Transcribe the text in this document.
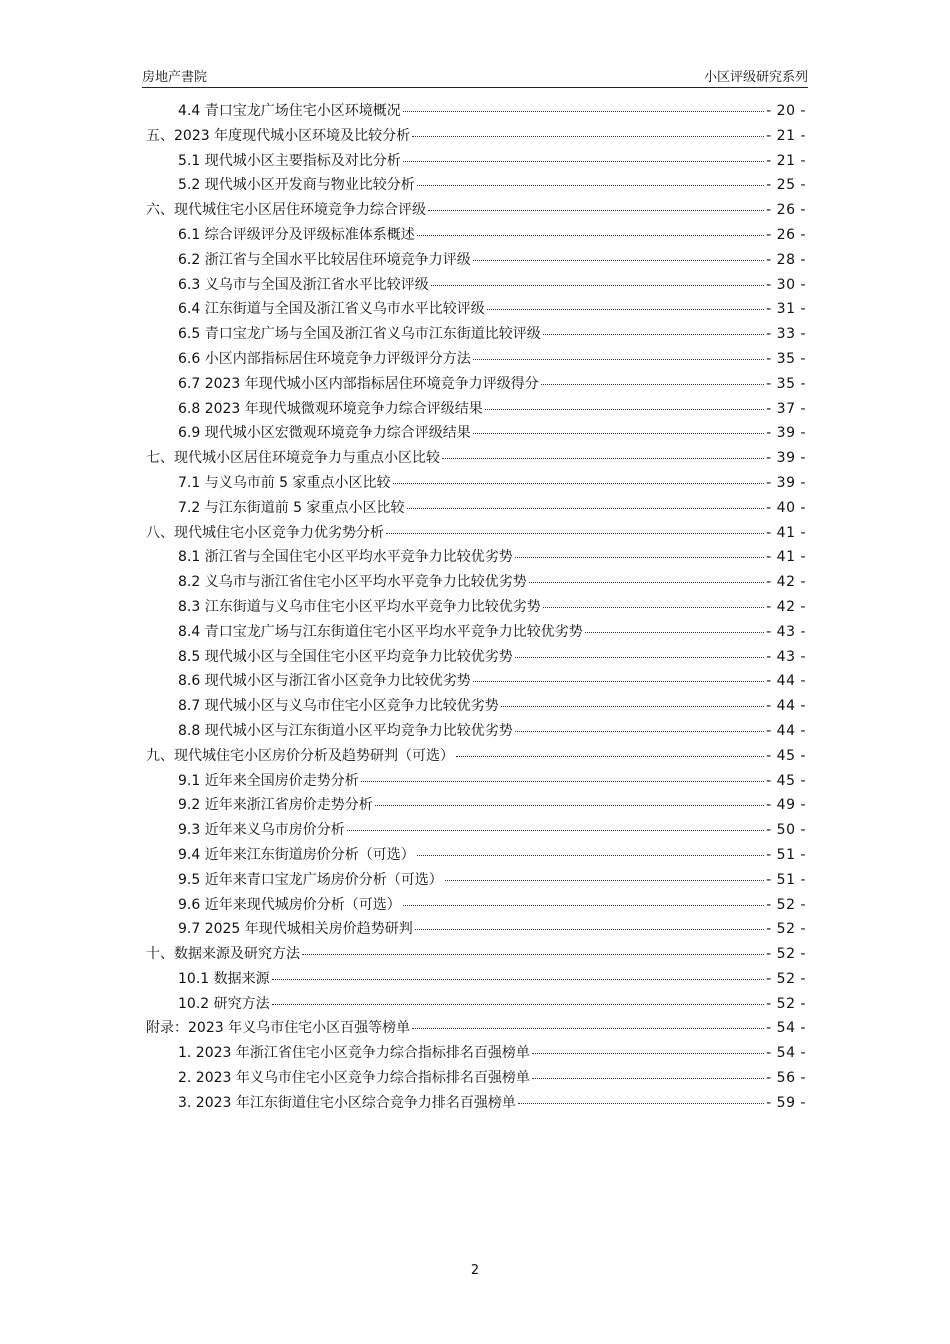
房地产書院	小区评级研究系列
4.4 青口宝龙广场住宅小区环境概况	- 20 -
五、2023 年度现代城小区环境及比较分析	- 21 -
5.1 现代城小区主要指标及对比分析	- 21 -
5.2 现代城小区开发商与物业比较分析	- 25 -
六、现代城住宅小区居住环境竞争力综合评级	- 26 -
6.1 综合评级评分及评级标准体系概述	- 26 -
6.2 浙江省与全国水平比较居住环境竞争力评级	- 28 -
6.3 义乌市与全国及浙江省水平比较评级	- 30 -
6.4 江东街道与全国及浙江省义乌市水平比较评级	- 31 -
6.5 青口宝龙广场与全国及浙江省义乌市江东街道比较评级	- 33 -
6.6 小区内部指标居住环境竞争力评级评分方法	- 35 -
6.7 2023 年现代城小区内部指标居住环境竞争力评级得分	- 35 -
6.8 2023 年现代城微观环境竞争力综合评级结果	- 37 -
6.9 现代城小区宏微观环境竞争力综合评级结果	- 39 -
七、现代城小区居住环境竞争力与重点小区比较	- 39 -
7.1 与义乌市前 5 家重点小区比较	- 39 -
7.2 与江东街道前 5 家重点小区比较	- 40 -
八、现代城住宅小区竞争力优劣势分析	- 41 -
8.1 浙江省与全国住宅小区平均水平竞争力比较优劣势	- 41 -
8.2 义乌市与浙江省住宅小区平均水平竞争力比较优劣势	- 42 -
8.3 江东街道与义乌市住宅小区平均水平竞争力比较优劣势	- 42 -
8.4 青口宝龙广场与江东街道住宅小区平均水平竞争力比较优劣势	- 43 -
8.5 现代城小区与全国住宅小区平均竞争力比较优劣势	- 43 -
8.6 现代城小区与浙江省小区竞争力比较优劣势	- 44 -
8.7 现代城小区与义乌市住宅小区竞争力比较优劣势	- 44 -
8.8 现代城小区与江东街道小区平均竞争力比较优劣势	- 44 -
九、现代城住宅小区房价分析及趋势研判（可选）	- 45 -
9.1 近年来全国房价走势分析	- 45 -
9.2 近年来浙江省房价走势分析	- 49 -
9.3 近年来义乌市房价分析	- 50 -
9.4 近年来江东街道房价分析（可选）	- 51 -
9.5 近年来青口宝龙广场房价分析（可选）	- 51 -
9.6 近年来现代城房价分析（可选）	- 52 -
9.7 2025 年现代城相关房价趋势研判	- 52 -
十、数据来源及研究方法	- 52 -
10.1 数据来源	- 52 -
10.2 研究方法	- 52 -
附录：2023 年义乌市住宅小区百强等榜单	- 54 -
1. 2023 年浙江省住宅小区竞争力综合指标排名百强榜单	- 54 -
2. 2023 年义乌市住宅小区竞争力综合指标排名百强榜单	- 56 -
3. 2023 年江东街道住宅小区综合竞争力排名百强榜单	- 59 -
2
